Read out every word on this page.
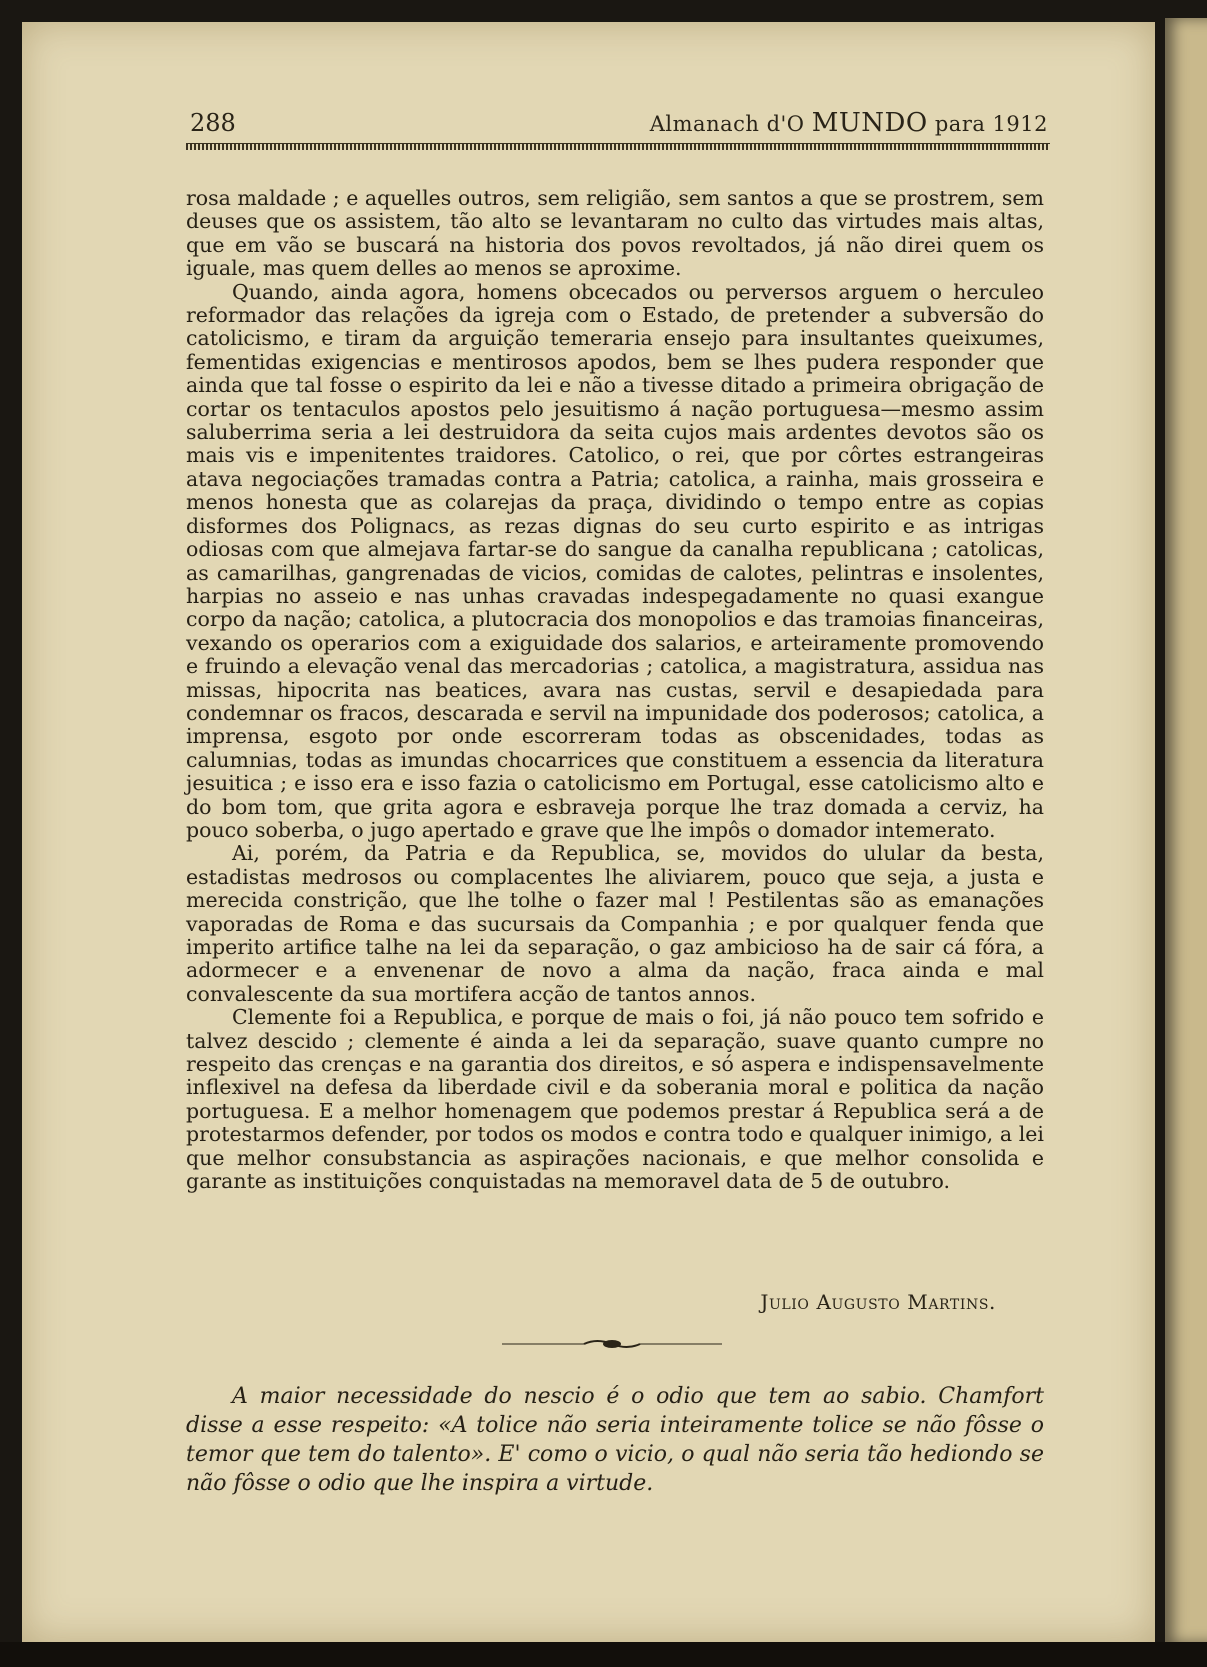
288	Almanach d'O MUNDO para 1912

rosa maldade ; e aquelles outros, sem religião, sem santos a que se prostrem, sem deuses que os assistem, tão alto se levantaram no culto das virtudes mais altas, que em vão se buscará na historia dos povos revoltados, já não direi quem os iguale, mas quem delles ao menos se aproxime.

Quando, ainda agora, homens obcecados ou perversos arguem o herculeo reformador das relações da igreja com o Estado, de pretender a subversão do catolicismo, e tiram da arguição temeraria ensejo para insultantes queixumes, fementidas exigencias e mentirosos apodos, bem se lhes pudera responder que ainda que tal fosse o espirito da lei e não a tivesse ditado a primeira obrigação de cortar os tentaculos apostos pelo jesuitismo á nação portuguesa—mesmo assim saluberrima seria a lei destruidora da seita cujos mais ardentes devotos são os mais vis e impenitentes traidores. Catolico, o rei, que por côrtes estrangeiras atava negociações tramadas contra a Patria; catolica, a rainha, mais grosseira e menos honesta que as colarejas da praça, dividindo o tempo entre as copias disformes dos Polignacs, as rezas dignas do seu curto espirito e as intrigas odiosas com que almejava fartar-se do sangue da canalha republicana ; catolicas, as camarilhas, gangrenadas de vicios, comidas de calotes, pelintras e insolentes, harpias no asseio e nas unhas cravadas indespegadamente no quasi exangue corpo da nação; catolica, a plutocracia dos monopolios e das tramoias financeiras, vexando os operarios com a exiguidade dos salarios, e arteiramente promovendo e fruindo a elevação venal das mercadorias ; catolica, a magistratura, assidua nas missas, hipocrita nas beatices, avara nas custas, servil e desapiedada para condemnar os fracos, descarada e servil na impunidade dos poderosos; catolica, a imprensa, esgoto por onde escorreram todas as obscenidades, todas as calumnias, todas as imundas chocarrices que constituem a essencia da literatura jesuitica ; e isso era e isso fazia o catolicismo em Portugal, esse catolicismo alto e do bom tom, que grita agora e esbraveja porque lhe traz domada a cerviz, ha pouco soberba, o jugo apertado e grave que lhe impôs o domador intemerato.

Ai, porém, da Patria e da Republica, se, movidos do ulular da besta, estadistas medrosos ou complacentes lhe aliviarem, pouco que seja, a justa e merecida constrição, que lhe tolhe o fazer mal ! Pestilentas são as emanações vaporadas de Roma e das sucursais da Companhia ; e por qualquer fenda que imperito artifice talhe na lei da separação, o gaz ambicioso ha de sair cá fóra, a adormecer e a envenenar de novo a alma da nação, fraca ainda e mal convalescente da sua mortifera acção de tantos annos.

Clemente foi a Republica, e porque de mais o foi, já não pouco tem sofrido e talvez descido ; clemente é ainda a lei da separação, suave quanto cumpre no respeito das crenças e na garantia dos direitos, e só aspera e indispensavelmente inflexivel na defesa da liberdade civil e da soberania moral e politica da nação portuguesa. E a melhor homenagem que podemos prestar á Republica será a de protestarmos defender, por todos os modos e contra todo e qualquer inimigo, a lei que melhor consubstancia as aspirações nacionais, e que melhor consolida e garante as instituições conquistadas na memoravel data de 5 de outubro.

Julio Augusto Martins.

A maior necessidade do nescio é o odio que tem ao sabio. Chamfort disse a esse respeito: «A tolice não seria inteiramente tolice se não fôsse o temor que tem do talento». E' como o vicio, o qual não seria tão hediondo se não fôsse o odio que lhe inspira a virtude.
